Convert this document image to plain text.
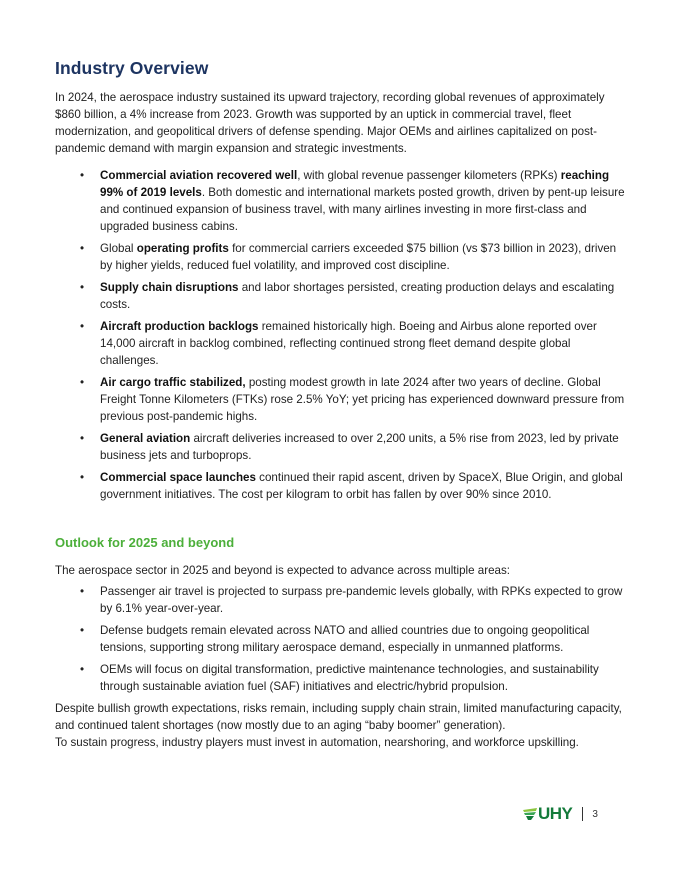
Industry Overview

In 2024, the aerospace industry sustained its upward trajectory, recording global revenues of approximately $860 billion, a 4% increase from 2023. Growth was supported by an uptick in commercial travel, fleet modernization, and geopolitical drivers of defense spending. Major OEMs and airlines capitalized on post-pandemic demand with margin expansion and strategic investments.

• Commercial aviation recovered well, with global revenue passenger kilometers (RPKs) reaching 99% of 2019 levels. Both domestic and international markets posted growth, driven by pent-up leisure and continued expansion of business travel, with many airlines investing in more first-class and upgraded business cabins.
• Global operating profits for commercial carriers exceeded $75 billion (vs $73 billion in 2023), driven by higher yields, reduced fuel volatility, and improved cost discipline.
• Supply chain disruptions and labor shortages persisted, creating production delays and escalating costs.
• Aircraft production backlogs remained historically high. Boeing and Airbus alone reported over 14,000 aircraft in backlog combined, reflecting continued strong fleet demand despite global challenges.
• Air cargo traffic stabilized, posting modest growth in late 2024 after two years of decline. Global Freight Tonne Kilometers (FTKs) rose 2.5% YoY; yet pricing has experienced downward pressure from previous post-pandemic highs.
• General aviation aircraft deliveries increased to over 2,200 units, a 5% rise from 2023, led by private business jets and turboprops.
• Commercial space launches continued their rapid ascent, driven by SpaceX, Blue Origin, and global government initiatives. The cost per kilogram to orbit has fallen by over 90% since 2010.
Outlook for 2025 and beyond

The aerospace sector in 2025 and beyond is expected to advance across multiple areas:

• Passenger air travel is projected to surpass pre-pandemic levels globally, with RPKs expected to grow by 6.1% year-over-year.
• Defense budgets remain elevated across NATO and allied countries due to ongoing geopolitical tensions, supporting strong military aerospace demand, especially in unmanned platforms.
• OEMs will focus on digital transformation, predictive maintenance technologies, and sustainability through sustainable aviation fuel (SAF) initiatives and electric/hybrid propulsion.

Despite bullish growth expectations, risks remain, including supply chain strain, limited manufacturing capacity, and continued talent shortages (now mostly due to an aging “baby boomer” generation).
To sustain progress, industry players must invest in automation, nearshoring, and workforce upskilling.

UHY 3
